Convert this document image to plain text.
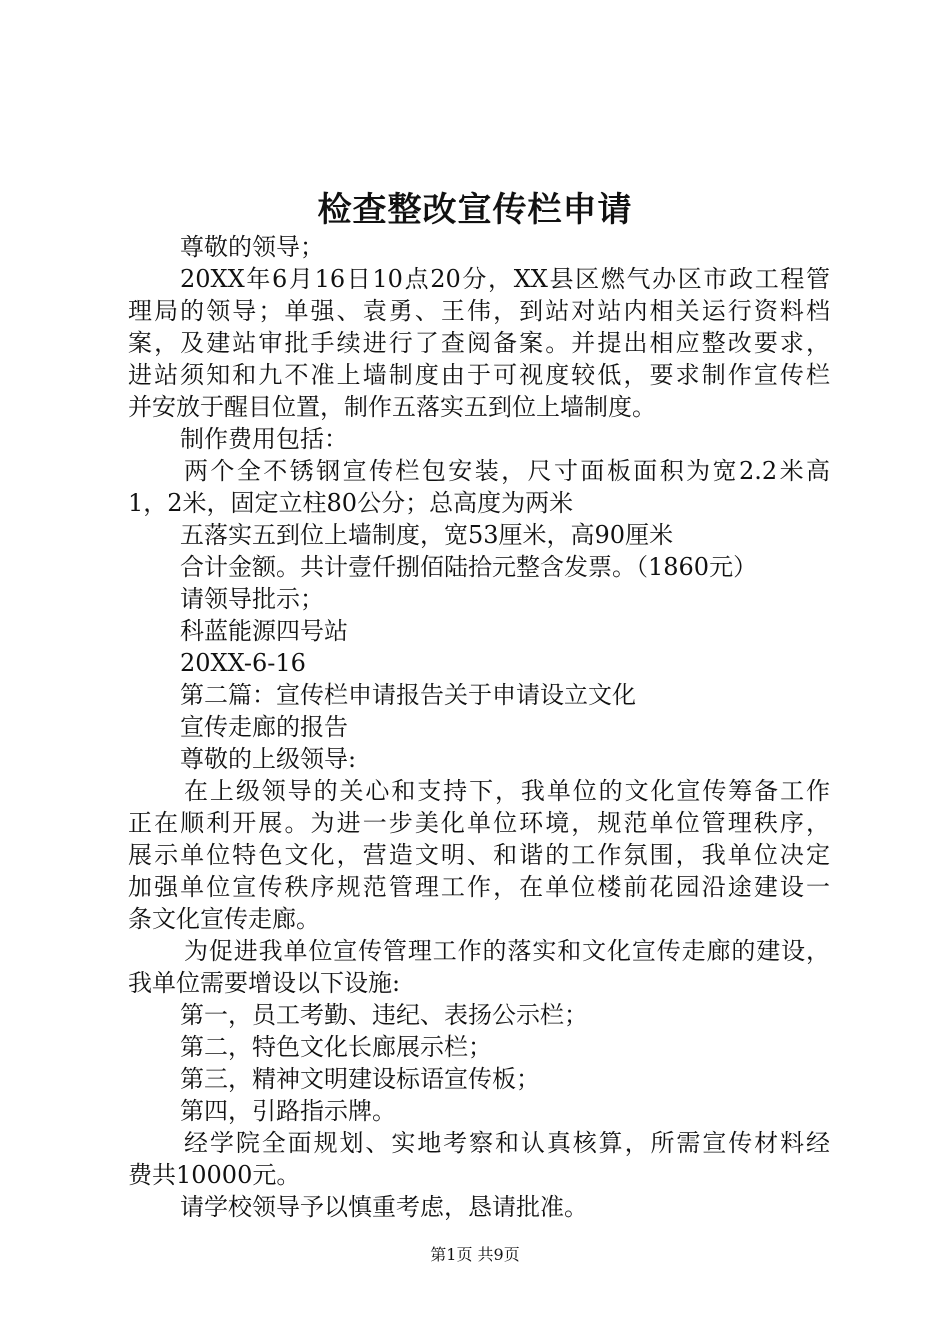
检查整改宣传栏申请
尊敬的领导；
20XX年6月16日10点20分，XX县区燃气办区市政工程管
理局的领导；单强、袁勇、王伟，到站对站内相关运行资料档
案，及建站审批手续进行了查阅备案。并提出相应整改要求，
进站须知和九不准上墙制度由于可视度较低，要求制作宣传栏
并安放于醒目位置，制作五落实五到位上墙制度。
制作费用包括：
两个全不锈钢宣传栏包安装，尺寸面板面积为宽2.2米高
1，2米，固定立柱80公分；总高度为两米
五落实五到位上墙制度，宽53厘米，高90厘米
合计金额。共计壹仟捌佰陆拾元整含发票。（1860元）
请领导批示；
科蓝能源四号站
20XX-6-16
第二篇：宣传栏申请报告关于申请设立文化
宣传走廊的报告
尊敬的上级领导:
在上级领导的关心和支持下，我单位的文化宣传筹备工作
正在顺利开展。为进一步美化单位环境，规范单位管理秩序，
展示单位特色文化，营造文明、和谐的工作氛围，我单位决定
加强单位宣传秩序规范管理工作，在单位楼前花园沿途建设一
条文化宣传走廊。
为促进我单位宣传管理工作的落实和文化宣传走廊的建设，
我单位需要增设以下设施:
第一，员工考勤、违纪、表扬公示栏；
第二，特色文化长廊展示栏；
第三，精神文明建设标语宣传板；
第四，引路指示牌。
经学院全面规划、实地考察和认真核算，所需宣传材料经
费共10000元。
请学校领导予以慎重考虑，恳请批准。
第1页 共9页
